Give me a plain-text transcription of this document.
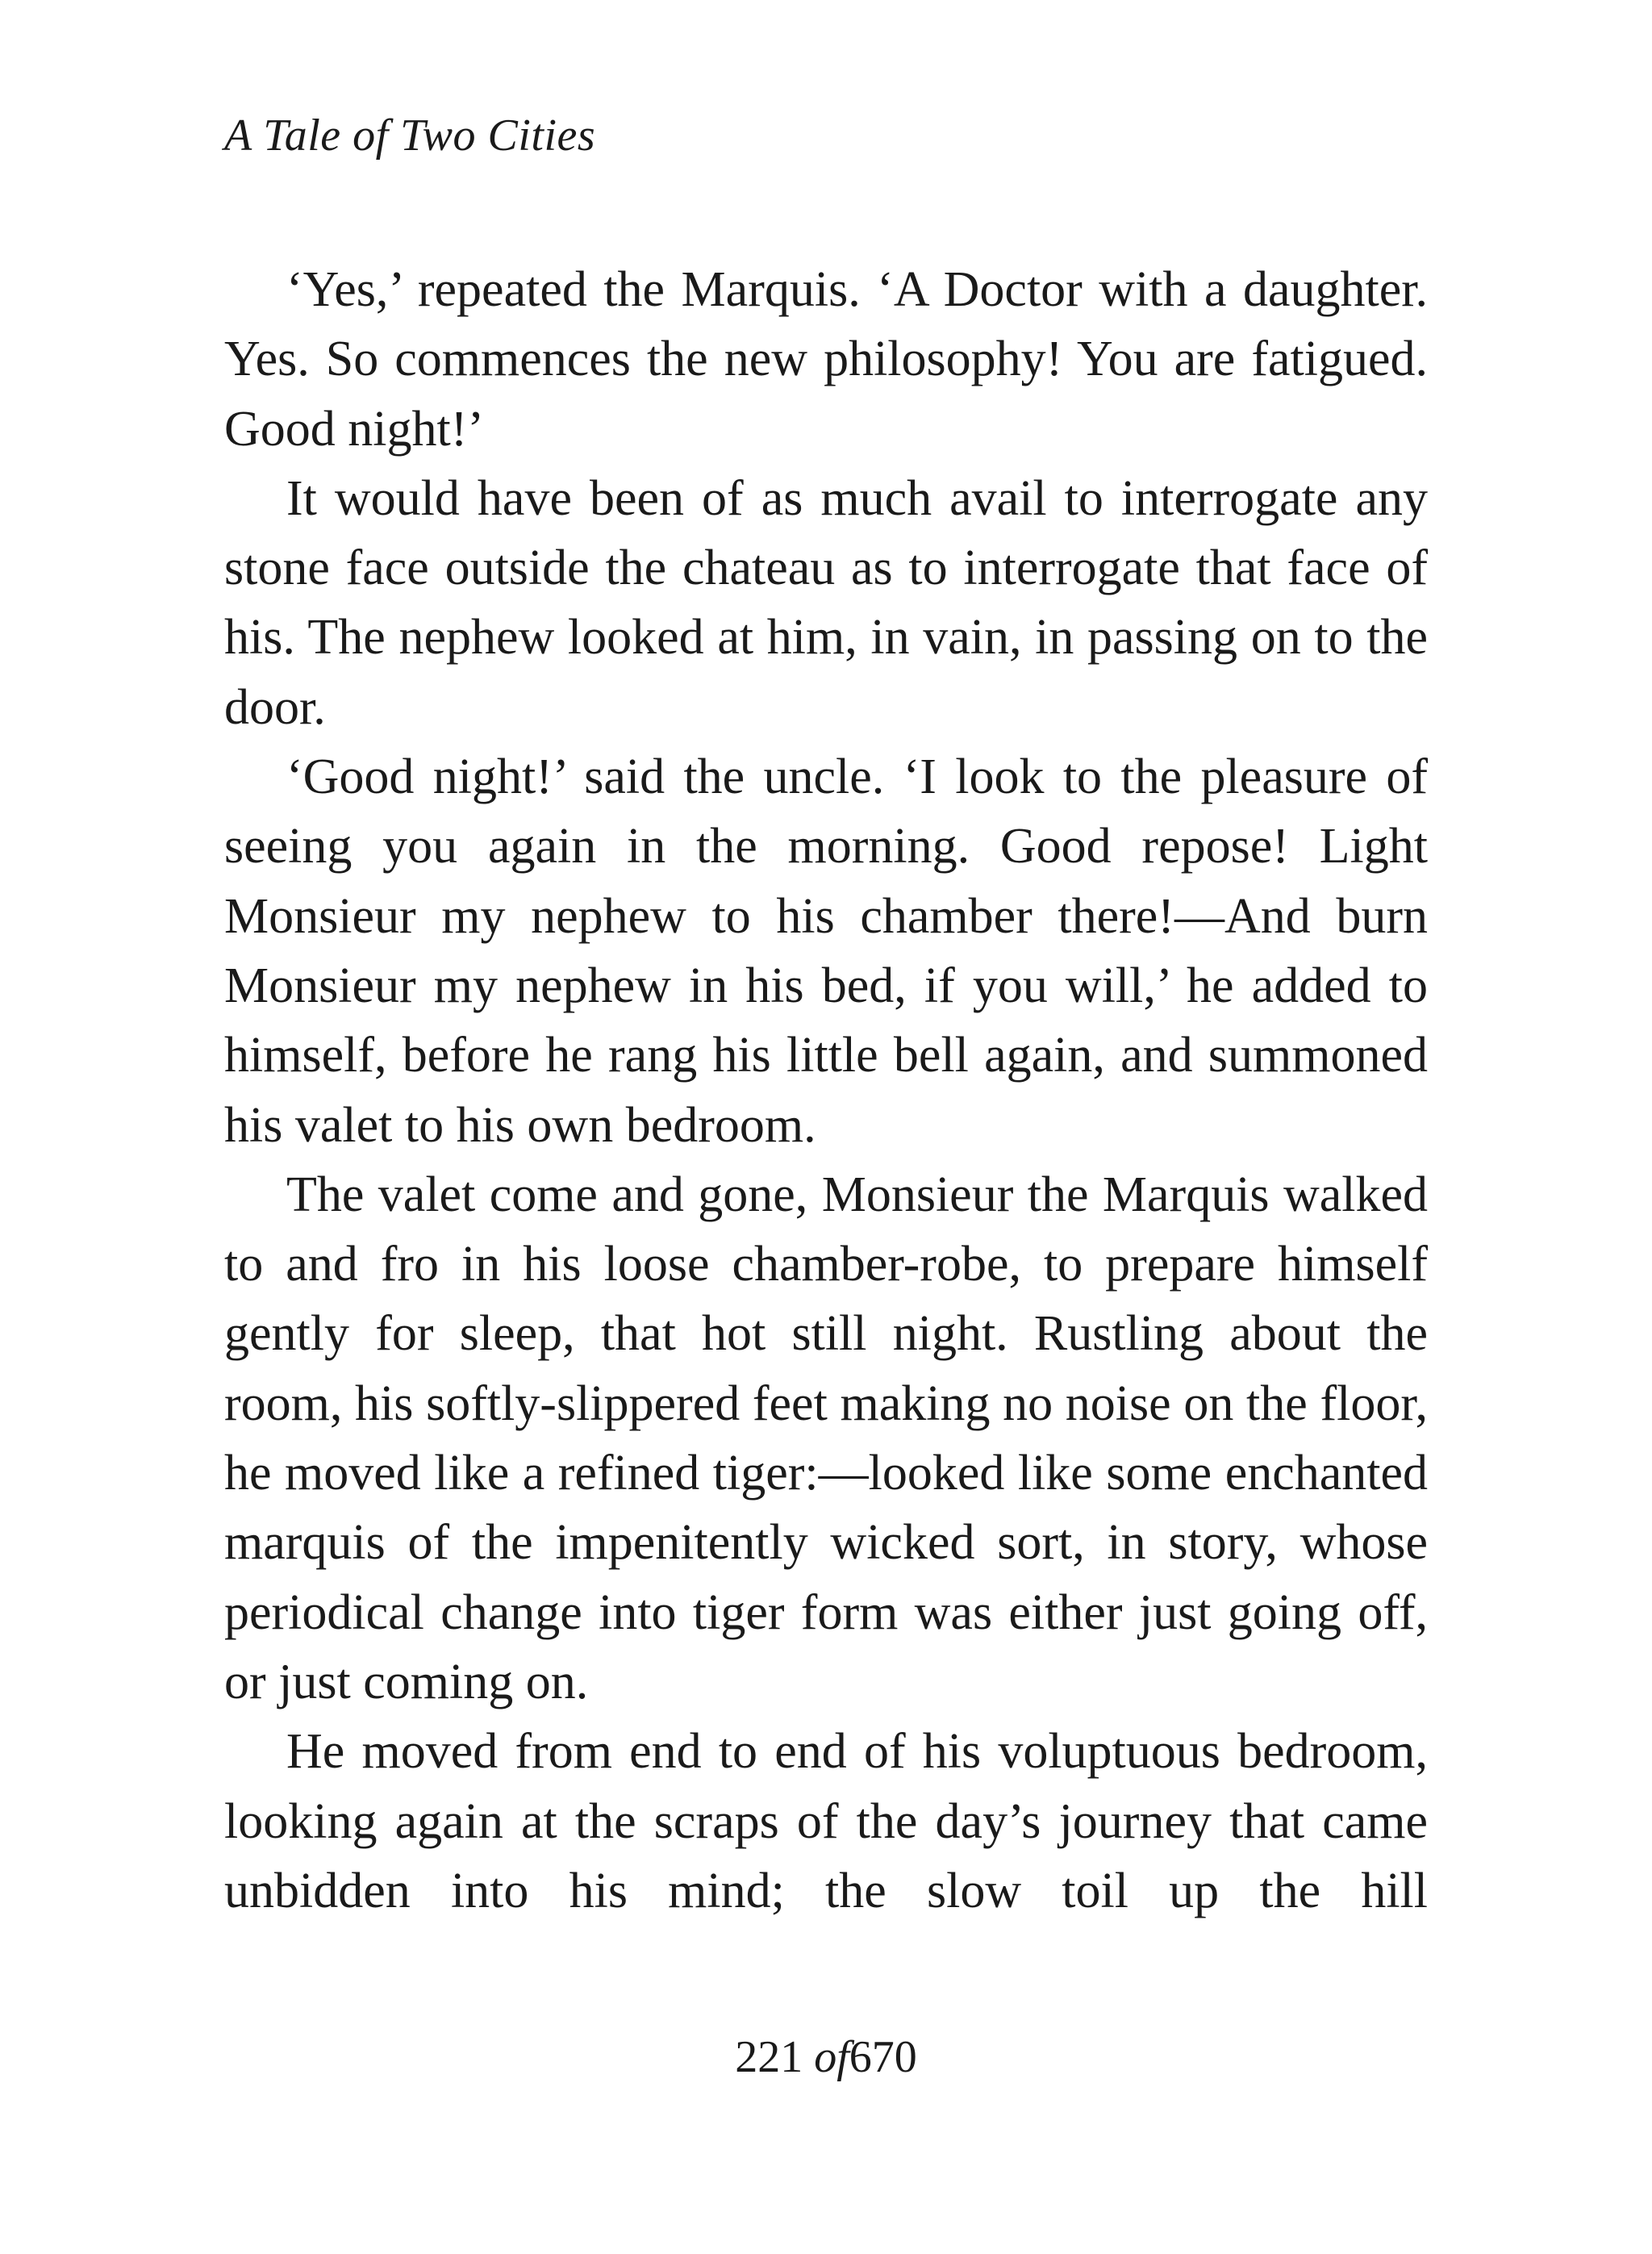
A Tale of Two Cities

‘Yes,’ repeated the Marquis. ‘A Doctor with a daughter. Yes. So commences the new philosophy! You are fatigued. Good night!’

It would have been of as much avail to interrogate any stone face outside the chateau as to interrogate that face of his. The nephew looked at him, in vain, in passing on to the door.

‘Good night!’ said the uncle. ‘I look to the pleasure of seeing you again in the morning. Good repose! Light Monsieur my nephew to his chamber there!—And burn Monsieur my nephew in his bed, if you will,’ he added to himself, before he rang his little bell again, and summoned his valet to his own bedroom.

The valet come and gone, Monsieur the Marquis walked to and fro in his loose chamber-robe, to prepare himself gently for sleep, that hot still night. Rustling about the room, his softly-slippered feet making no noise on the floor, he moved like a refined tiger:—looked like some enchanted marquis of the impenitently wicked sort, in story, whose periodical change into tiger form was either just going off, or just coming on.

He moved from end to end of his voluptuous bedroom, looking again at the scraps of the day’s journey that came unbidden into his mind; the slow toil up the hill

221 of670
